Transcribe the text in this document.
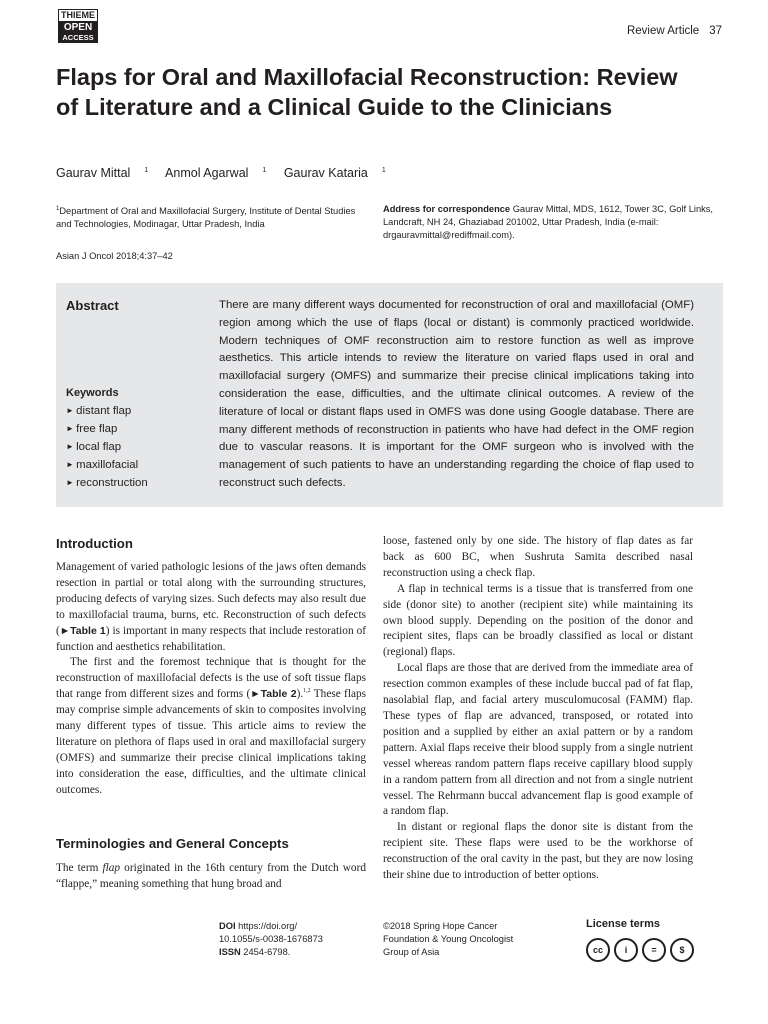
THIEME
OPEN
ACCESS
Review Article 37
Flaps for Oral and Maxillofacial Reconstruction: Review of Literature and a Clinical Guide to the Clinicians
Gaurav Mittal $^1$ Anmol Agarwal $^1$ Gaurav Kataria $^1$
$^1$Department of Oral and Maxillofacial Surgery, Institute of Dental Studies and Technologies, Modinagar, Uttar Pradesh, India
Address for correspondence Gaurav Mittal, MDS, 1612, Tower 3C, Golf Links, Landcraft, NH 24, Ghaziabad 201002, Uttar Pradesh, India (e-mail: drgauravmittal@rediffmail.com).
Asian J Oncol 2018;4:37–42
Abstract	There are many different ways documented for reconstruction of oral and maxillofacial (OMF) region among which the use of flaps (local or distant) is commonly practiced worldwide. Modern techniques of OMF reconstruction aim to restore function as well as improve aesthetics. This article intends to review the literature on varied flaps used in oral and maxillofacial surgery (OMFS) and summarize their precise clinical implications taking into consideration the ease, difficulties, and the ultimate clinical outcomes. A review of the literature of local or distant flaps used in OMFS was done using Google database. There are many different methods of reconstruction in patients who have had defect in the OMF region due to vascular reasons. It is important for the OMF surgeon who is involved with the management of such patients to have an understanding regarding the choice of flap used to reconstruct such defects.
Keywords
► distant flap
► free flap
► local flap
► maxillofacial
► reconstruction
Introduction

Management of varied pathologic lesions of the jaws often demands resection in partial or total along with the surrounding structures, producing defects of varying sizes. Such defects may also result due to maxillofacial trauma, burns, etc. Reconstruction of such defects (►Table 1) is important in many respects that include restoration of function and aesthetics rehabilitation.

The first and the foremost technique that is thought for the reconstruction of maxillofacial defects is the use of soft tissue flaps that range from different sizes and forms (►Table 2).$^{1,2}$ These flaps may comprise simple advancements of skin to composites involving many different types of tissue. This article aims to review the literature on plethora of flaps used in oral and maxillofacial surgery (OMFS) and summarize their precise clinical implications taking into consideration the ease, difficulties, and the ultimate clinical outcomes.

Terminologies and General Concepts

The term flap originated in the 16th century from the Dutch word “flappe,” meaning something that hung broad and

loose, fastened only by one side. The history of flap dates as far back as 600 BC, when Sushruta Samita described nasal reconstruction using a check flap.

A flap in technical terms is a tissue that is transferred from one side (donor site) to another (recipient site) while maintaining its own blood supply. Depending on the position of the donor and recipient sites, flaps can be broadly classified as local or distant (regional) flaps.

Local flaps are those that are derived from the immediate area of resection common examples of these include buccal pad of fat flap, nasolabial flap, and facial artery musculomucosal (FAMM) flap. These types of flap are advanced, transposed, or rotated into position and a supplied by either an axial pattern or by a random pattern. Axial flaps receive their blood supply from a single nutrient vessel whereas random pattern flaps receive capillary blood supply in a random pattern from all direction and not from a single nutrient vessel. The Rehrmann buccal advancement flap is good example of a random flap.

In distant or regional flaps the donor site is distant from the recipient site. These flaps were used to be the workhorse of reconstruction of the oral cavity in the past, but they are now losing their shine due to introduction of better options.

DOI https://doi.org/
10.1055/s-0038-1676873
ISSN 2454-6798.
©2018 Spring Hope Cancer
Foundation & Young Oncologist
Group of Asia
License terms
cc i	=	$
